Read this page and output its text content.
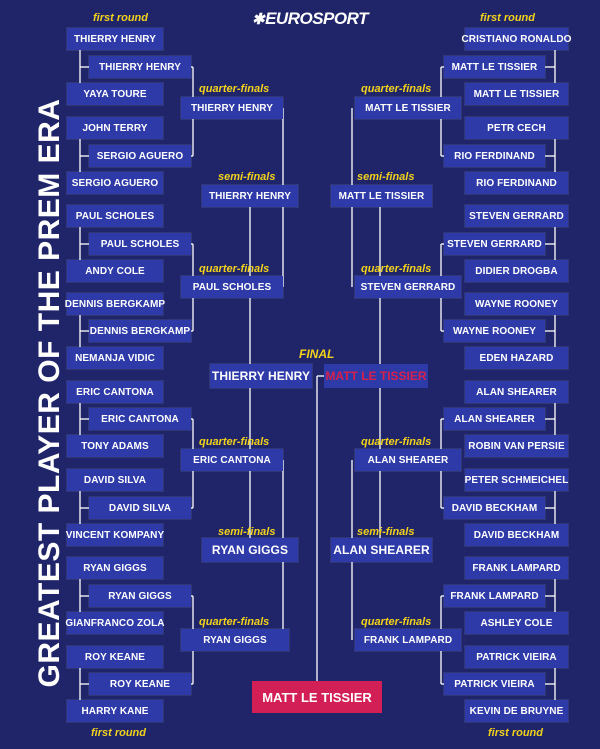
✱ EUROSPORT
GREATEST PLAYER OF THE PREM ERA
first round	first round
first round	first round
quarter-finals
quarter-finals
quarter-finals
quarter-finals
quarter-finals
quarter-finals
quarter-finals
quarter-finals
semi-finals
semi-finals
semi-finals
semi-finals
FINAL
THIERRY HENRY
YAYA TOURE
JOHN TERRY
SERGIO AGUERO
PAUL SCHOLES
ANDY COLE
DENNIS BERGKAMP
NEMANJA VIDIC
ERIC CANTONA
TONY ADAMS
DAVID SILVA
VINCENT KOMPANY
RYAN GIGGS
GIANFRANCO ZOLA
ROY KEANE
HARRY KANE
THIERRY HENRY
SERGIO AGUERO
PAUL SCHOLES
DENNIS BERGKAMP
ERIC CANTONA
DAVID SILVA
RYAN GIGGS
ROY KEANE
THIERRY HENRY
PAUL SCHOLES
ERIC CANTONA
RYAN GIGGS
THIERRY HENRY
RYAN GIGGS
CRISTIANO RONALDO
MATT LE TISSIER
PETR CECH
RIO FERDINAND
STEVEN GERRARD
DIDIER DROGBA
WAYNE ROONEY
EDEN HAZARD
ALAN SHEARER
ROBIN VAN PERSIE
PETER SCHMEICHEL
DAVID BECKHAM
FRANK LAMPARD
ASHLEY COLE
PATRICK VIEIRA
KEVIN DE BRUYNE
MATT LE TISSIER
RIO FERDINAND
STEVEN GERRARD
WAYNE ROONEY
ALAN SHEARER
DAVID BECKHAM
FRANK LAMPARD
PATRICK VIEIRA
MATT LE TISSIER
STEVEN GERRARD
ALAN SHEARER
FRANK LAMPARD
MATT LE TISSIER
ALAN SHEARER
THIERRY HENRY MATT LE TISSIER
MATT LE TISSIER
